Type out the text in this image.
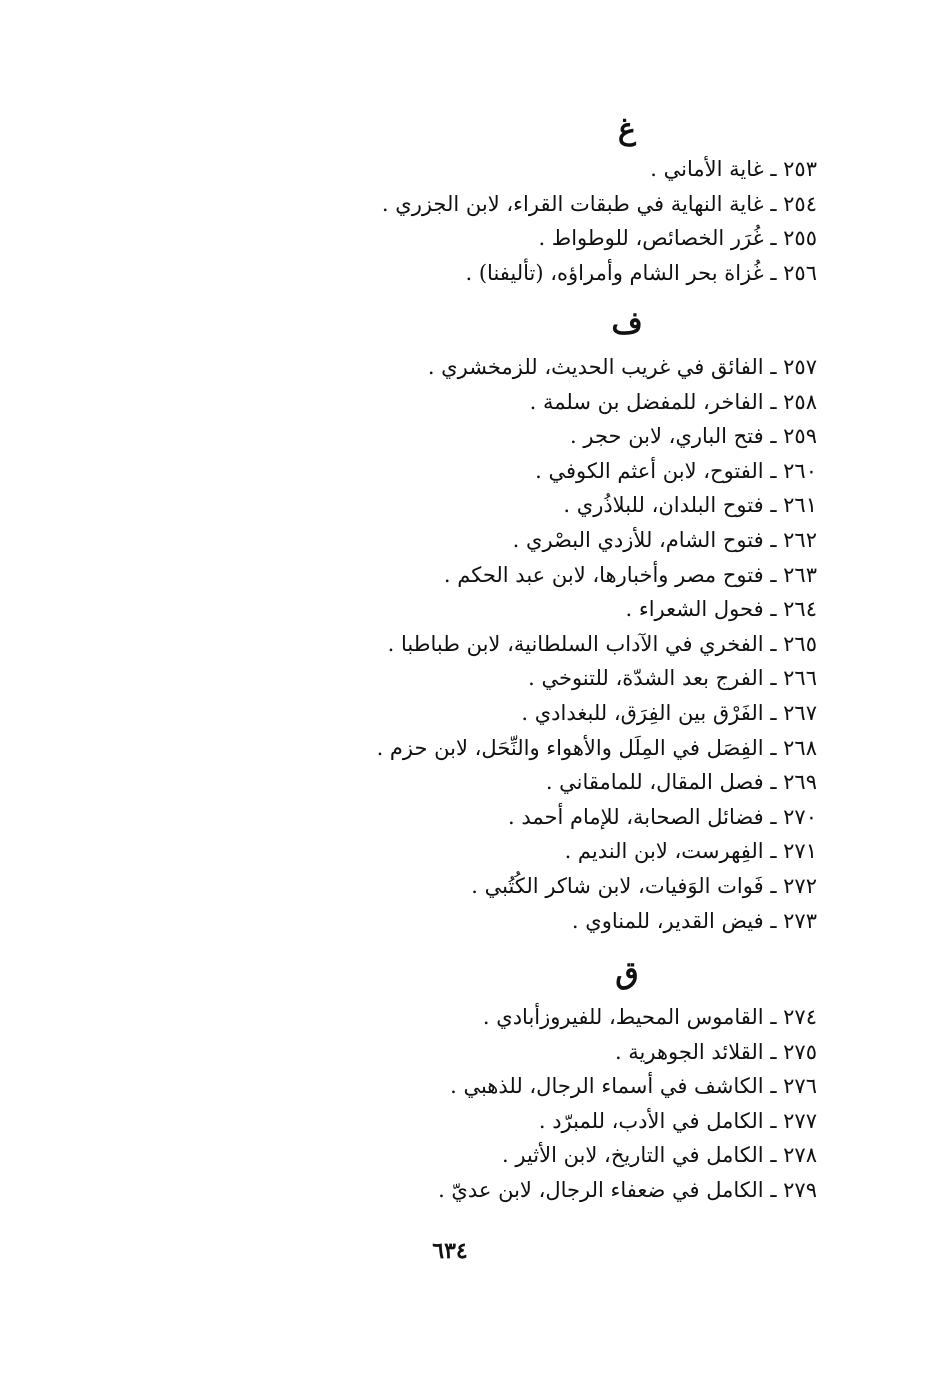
غ
٢٥٣ ـ غاية الأماني .
٢٥٤ ـ غاية النهاية في طبقات القراء، لابن الجزري .
٢٥٥ ـ غُرَر الخصائص، للوطواط .
٢٥٦ ـ غُزاة بحر الشام وأمراؤه، (تأليفنا) .
ف
٢٥٧ ـ الفائق في غريب الحديث، للزمخشري .
٢٥٨ ـ الفاخر، للمفضل بن سلمة .
٢٥٩ ـ فتح الباري، لابن حجر .
٢٦٠ ـ الفتوح، لابن أعثم الكوفي .
٢٦١ ـ فتوح البلدان، للبلاذُري .
٢٦٢ ـ فتوح الشام، للأزدي البصْري .
٢٦٣ ـ فتوح مصر وأخبارها، لابن عبد الحكم .
٢٦٤ ـ فحول الشعراء .
٢٦٥ ـ الفخري في الآداب السلطانية، لابن طباطبا .
٢٦٦ ـ الفرج بعد الشدّة، للتنوخي .
٢٦٧ ـ الفَرْق بين الفِرَق، للبغدادي .
٢٦٨ ـ الفِصَل في المِلَل والأهواء والنِّحَل، لابن حزم .
٢٦٩ ـ فصل المقال، للمامقاني .
٢٧٠ ـ فضائل الصحابة، للإمام أحمد .
٢٧١ ـ الفِهرست، لابن النديم .
٢٧٢ ـ فَوات الوَفيات، لابن شاكر الكُتُبي .
٢٧٣ ـ فيض القدير، للمناوي .
ق
٢٧٤ ـ القاموس المحيط، للفيروزأبادي .
٢٧٥ ـ القلائد الجوهرية .
٢٧٦ ـ الكاشف في أسماء الرجال، للذهبي .
٢٧٧ ـ الكامل في الأدب، للمبرّد .
٢٧٨ ـ الكامل في التاريخ، لابن الأثير .
٢٧٩ ـ الكامل في ضعفاء الرجال، لابن عديّ .
٦٣٤
